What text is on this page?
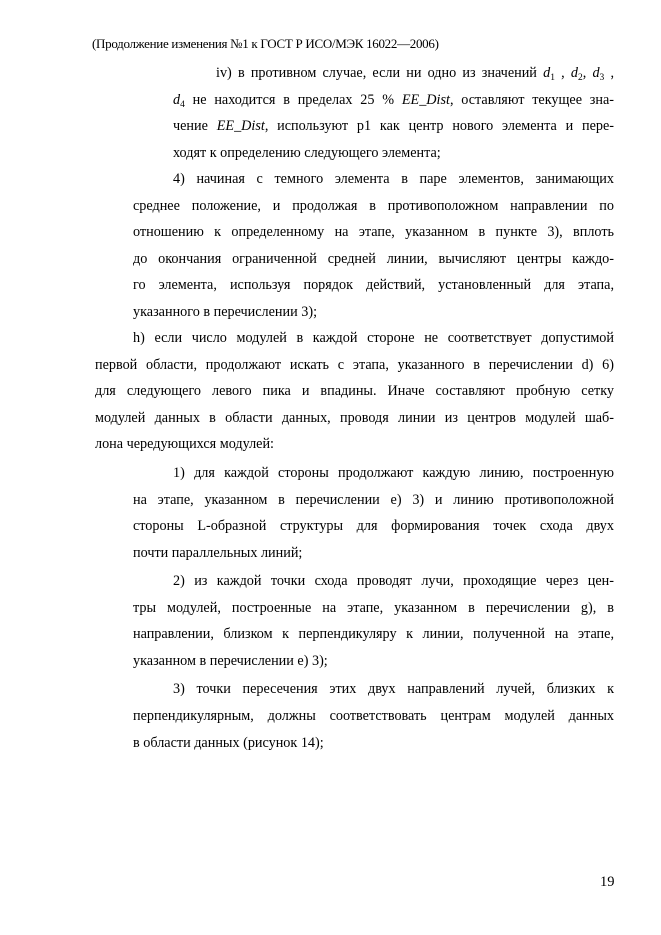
(Продолжение изменения №1 к ГОСТ Р ИСО/МЭК 16022—2006)
iv) в противном случае, если ни одно из значений $d_1$ , $d_2$, $d_3$ ,
$d_4$ не находится в пределах 25 % EE_Dist, оставляют текущее зна-
чение EE_Dist, используют p1 как центр нового элемента и пере-
ходят к определению следующего элемента;
4) начиная с темного элемента в паре элементов, занимающих
среднее положение, и продолжая в противоположном направлении по
отношению к определенному на этапе, указанном в пункте 3), вплоть
до окончания ограниченной средней линии, вычисляют центры каждо-
го элемента, используя порядок действий, установленный для этапа,
указанного в перечислении 3);
h) если число модулей в каждой стороне не соответствует допустимой
первой области, продолжают искать с этапа, указанного в перечислении d) 6)
для следующего левого пика и впадины. Иначе составляют пробную сетку
модулей данных в области данных, проводя линии из центров модулей шаб-
лона чередующихся модулей:
1) для каждой стороны продолжают каждую линию, построенную
на этапе, указанном в перечислении е) 3) и линию противоположной
стороны L-образной структуры для формирования точек схода двух
почти параллельных линий;
2) из каждой точки схода проводят лучи, проходящие через цен-
тры модулей, построенные на этапе, указанном в перечислении g), в
направлении, близком к перпендикуляру к линии, полученной на этапе,
указанном в перечислении е) 3);
3) точки пересечения этих двух направлений лучей, близких к
перпендикулярным, должны соответствовать центрам модулей данных
в области данных (рисунок 14);
19
